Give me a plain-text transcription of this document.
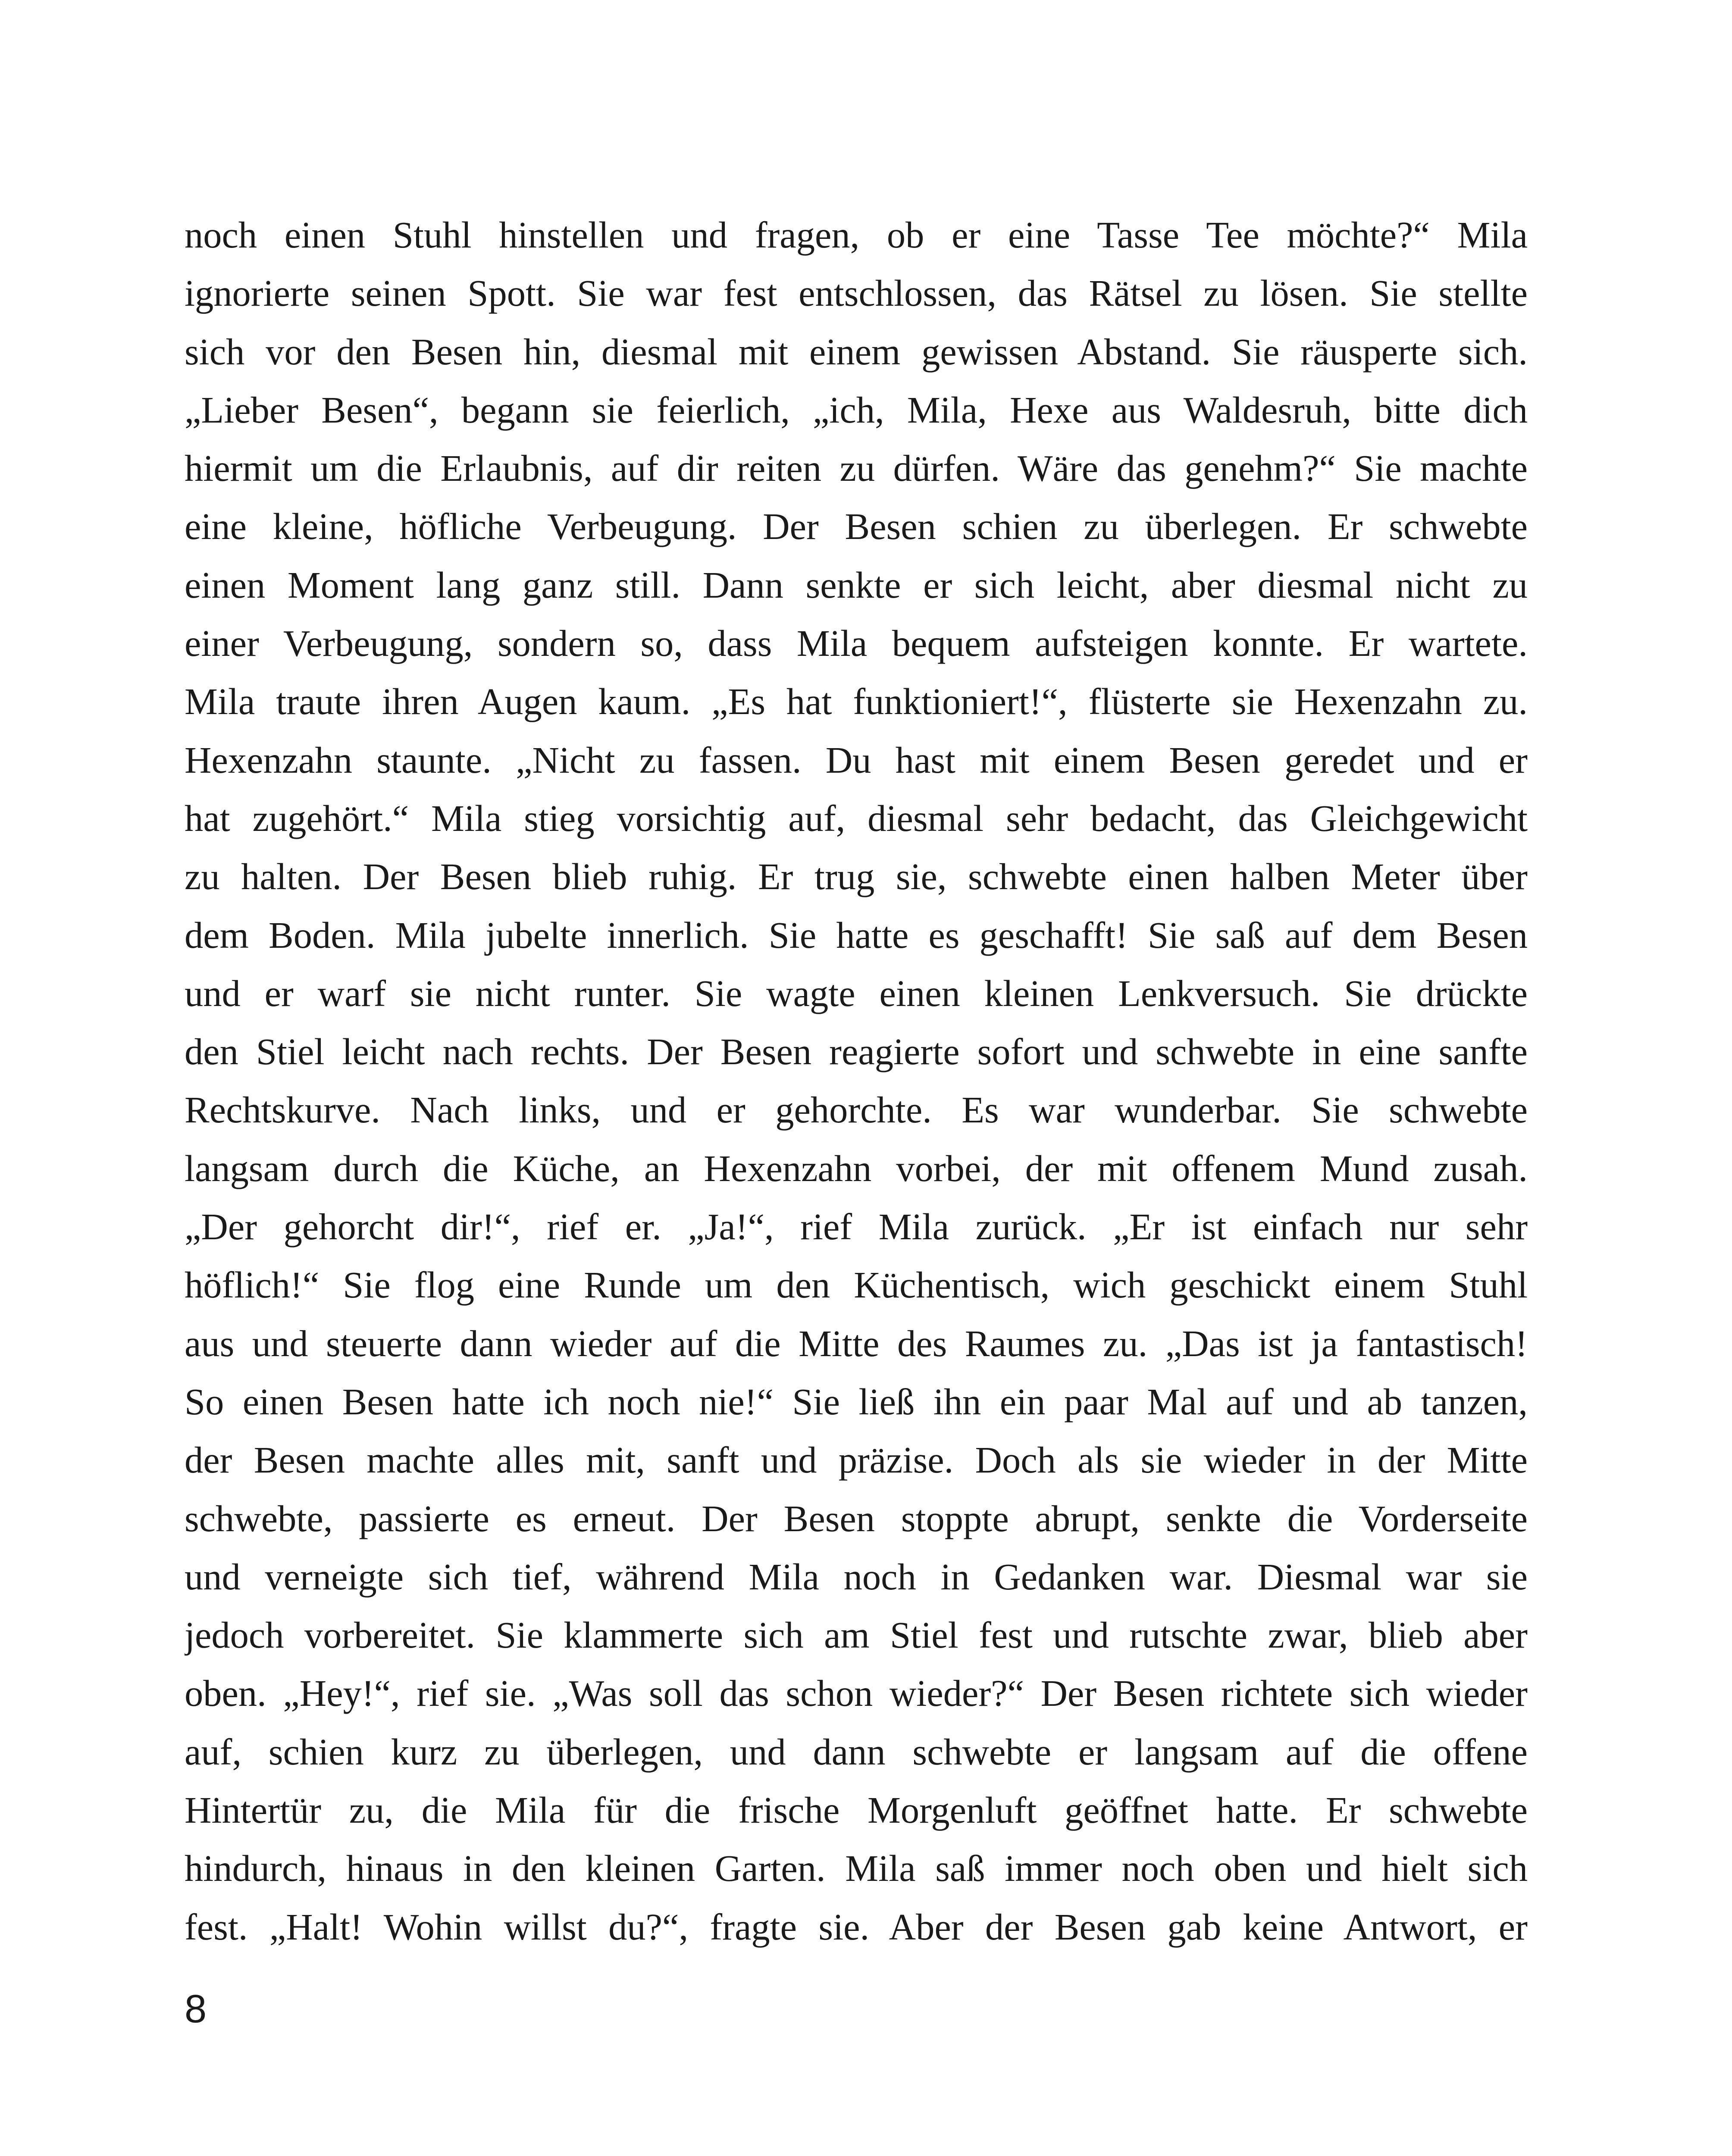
noch einen Stuhl hinstellen und fragen, ob er eine Tasse Tee möchte?“ Mila
ignorierte seinen Spott. Sie war fest entschlossen, das Rätsel zu lösen. Sie stellte
sich vor den Besen hin, diesmal mit einem gewissen Abstand. Sie räusperte sich.
„Lieber Besen“, begann sie feierlich, „ich, Mila, Hexe aus Waldesruh, bitte dich
hiermit um die Erlaubnis, auf dir reiten zu dürfen. Wäre das genehm?“ Sie machte
eine kleine, höfliche Verbeugung. Der Besen schien zu überlegen. Er schwebte
einen Moment lang ganz still. Dann senkte er sich leicht, aber diesmal nicht zu
einer Verbeugung, sondern so, dass Mila bequem aufsteigen konnte. Er wartete.
Mila traute ihren Augen kaum. „Es hat funktioniert!“, flüsterte sie Hexenzahn zu.
Hexenzahn staunte. „Nicht zu fassen. Du hast mit einem Besen geredet und er
hat zugehört.“ Mila stieg vorsichtig auf, diesmal sehr bedacht, das Gleichgewicht
zu halten. Der Besen blieb ruhig. Er trug sie, schwebte einen halben Meter über
dem Boden. Mila jubelte innerlich. Sie hatte es geschafft! Sie saß auf dem Besen
und er warf sie nicht runter. Sie wagte einen kleinen Lenkversuch. Sie drückte
den Stiel leicht nach rechts. Der Besen reagierte sofort und schwebte in eine sanfte
Rechtskurve. Nach links, und er gehorchte. Es war wunderbar. Sie schwebte
langsam durch die Küche, an Hexenzahn vorbei, der mit offenem Mund zusah.
„Der gehorcht dir!“, rief er. „Ja!“, rief Mila zurück. „Er ist einfach nur sehr
höflich!“ Sie flog eine Runde um den Küchentisch, wich geschickt einem Stuhl
aus und steuerte dann wieder auf die Mitte des Raumes zu. „Das ist ja fantastisch!
So einen Besen hatte ich noch nie!“ Sie ließ ihn ein paar Mal auf und ab tanzen,
der Besen machte alles mit, sanft und präzise. Doch als sie wieder in der Mitte
schwebte, passierte es erneut. Der Besen stoppte abrupt, senkte die Vorderseite
und verneigte sich tief, während Mila noch in Gedanken war. Diesmal war sie
jedoch vorbereitet. Sie klammerte sich am Stiel fest und rutschte zwar, blieb aber
oben. „Hey!“, rief sie. „Was soll das schon wieder?“ Der Besen richtete sich wieder
auf, schien kurz zu überlegen, und dann schwebte er langsam auf die offene
Hintertür zu, die Mila für die frische Morgenluft geöffnet hatte. Er schwebte
hindurch, hinaus in den kleinen Garten. Mila saß immer noch oben und hielt sich
fest. „Halt! Wohin willst du?“, fragte sie. Aber der Besen gab keine Antwort, er
8
